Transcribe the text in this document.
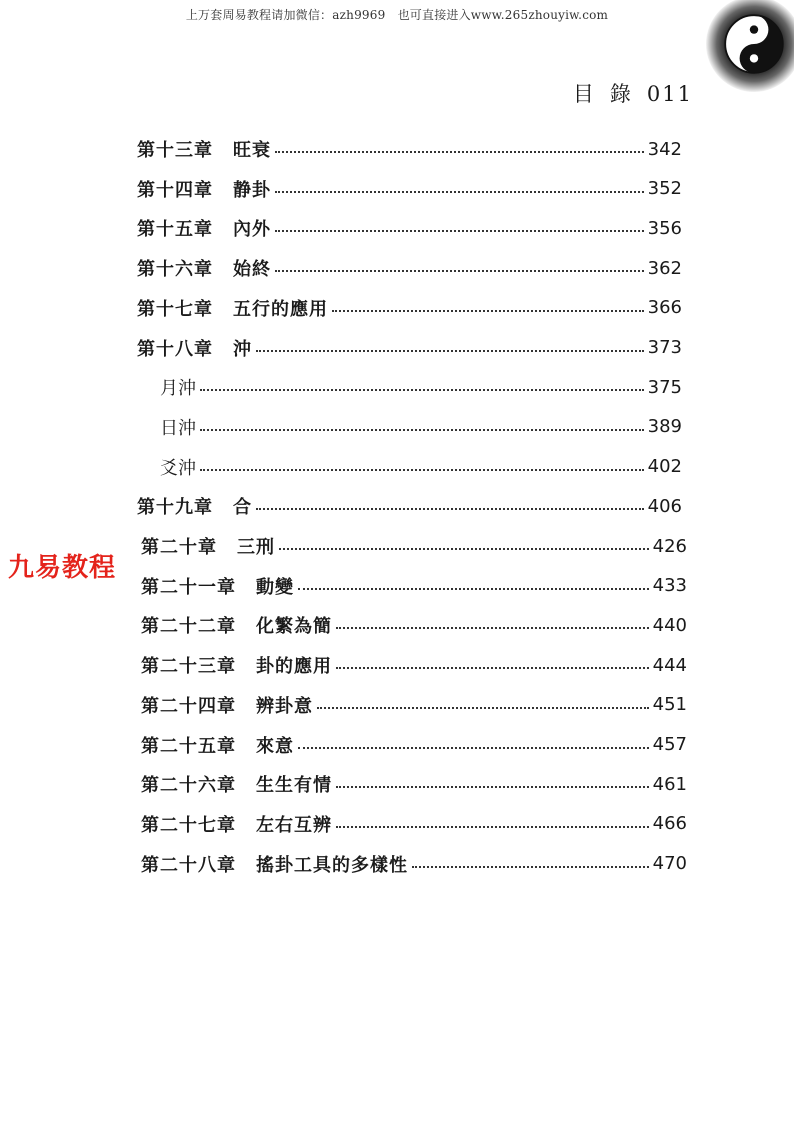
上万套周易教程请加微信：azh9969　也可直接进入www.265zhouyiw.com
目 錄 011
九易教程
第十三章 旺衰	342
第十四章 静卦	352
第十五章 內外	356
第十六章 始終	362
第十七章 五行的應用	366
第十八章 沖	373
月沖	375
日沖	389
爻沖	402
第十九章 合	406
第二十章 三刑	426
第二十一章 動變	433
第二十二章 化繁為簡	440
第二十三章 卦的應用	444
第二十四章 辨卦意	451
第二十五章 來意	457
第二十六章 生生有情	461
第二十七章 左右互辨	466
第二十八章 搖卦工具的多樣性	470
